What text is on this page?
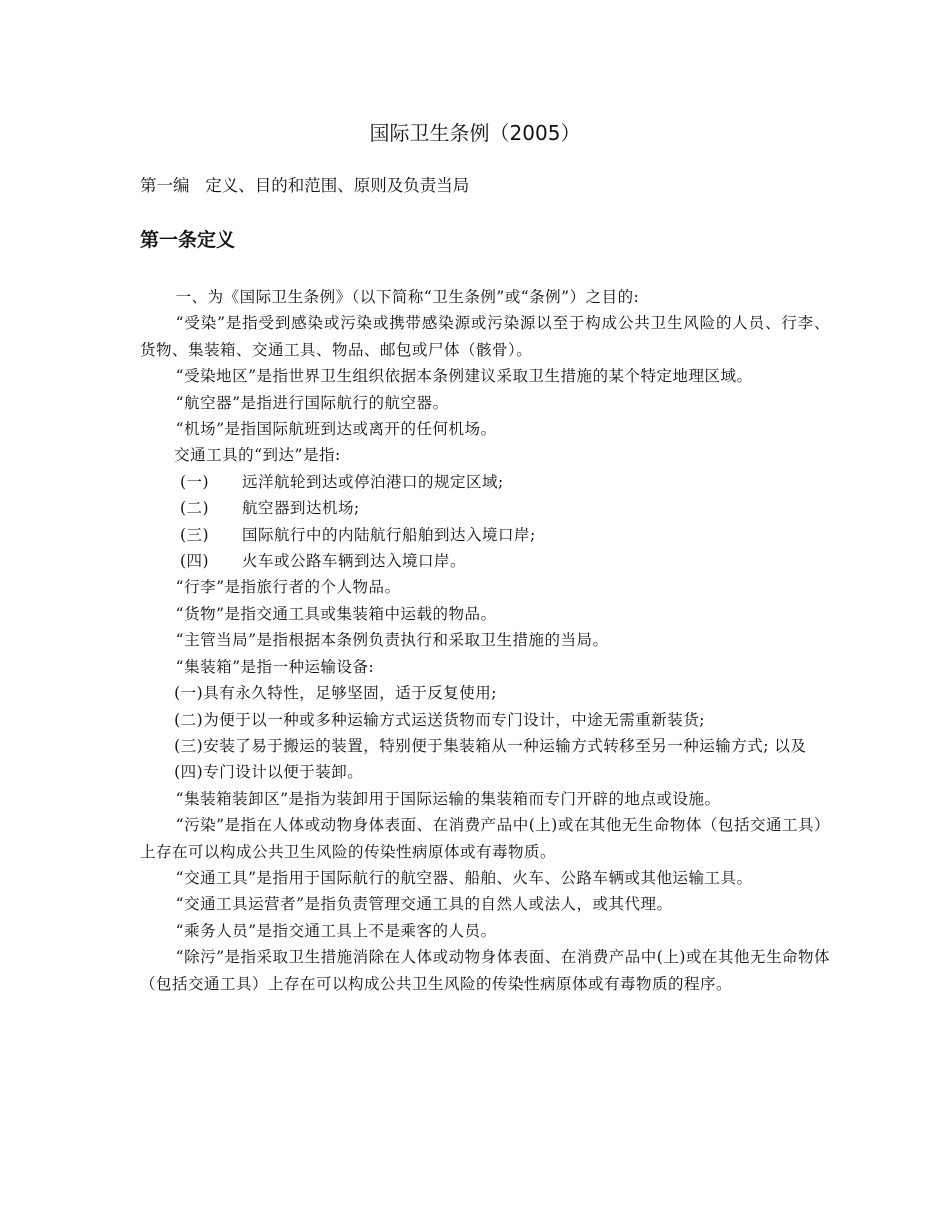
国际卫生条例（2005）
第一编   定义、目的和范围、原则及负责当局
第一条定义

一、为《国际卫生条例》（以下简称“卫生条例”或“条例”）之目的:

“受染”是指受到感染或污染或携带感染源或污染源以至于构成公共卫生风险的人员、行李、货物、集装箱、交通工具、物品、邮包或尸体（骸骨）。

“受染地区”是指世界卫生组织依据本条例建议采取卫生措施的某个特定地理区域。

“航空器”是指进行国际航行的航空器。

“机场”是指国际航班到达或离开的任何机场。

交通工具的“到达”是指:

(一)	远洋航轮到达或停泊港口的规定区域;
(二)	航空器到达机场;
(三)	国际航行中的内陆航行船舶到达入境口岸;
(四)	火车或公路车辆到达入境口岸。

“行李”是指旅行者的个人物品。

“货物”是指交通工具或集装箱中运载的物品。

“主管当局”是指根据本条例负责执行和采取卫生措施的当局。

“集装箱”是指一种运输设备:

(一)具有永久特性，足够坚固，适于反复使用;

(二)为便于以一种或多种运输方式运送货物而专门设计，中途无需重新装货;

(三)安装了易于搬运的装置，特别便于集装箱从一种运输方式转移至另一种运输方式; 以及

(四)专门设计以便于装卸。

“集装箱装卸区”是指为装卸用于国际运输的集装箱而专门开辟的地点或设施。

“污染”是指在人体或动物身体表面、在消费产品中(上)或在其他无生命物体（包括交通工具）上存在可以构成公共卫生风险的传染性病原体或有毒物质。

“交通工具”是指用于国际航行的航空器、船舶、火车、公路车辆或其他运输工具。

“交通工具运营者”是指负责管理交通工具的自然人或法人，或其代理。

“乘务人员”是指交通工具上不是乘客的人员。

“除污”是指采取卫生措施消除在人体或动物身体表面、在消费产品中(上)或在其他无生命物体（包括交通工具）上存在可以构成公共卫生风险的传染性病原体或有毒物质的程序。
